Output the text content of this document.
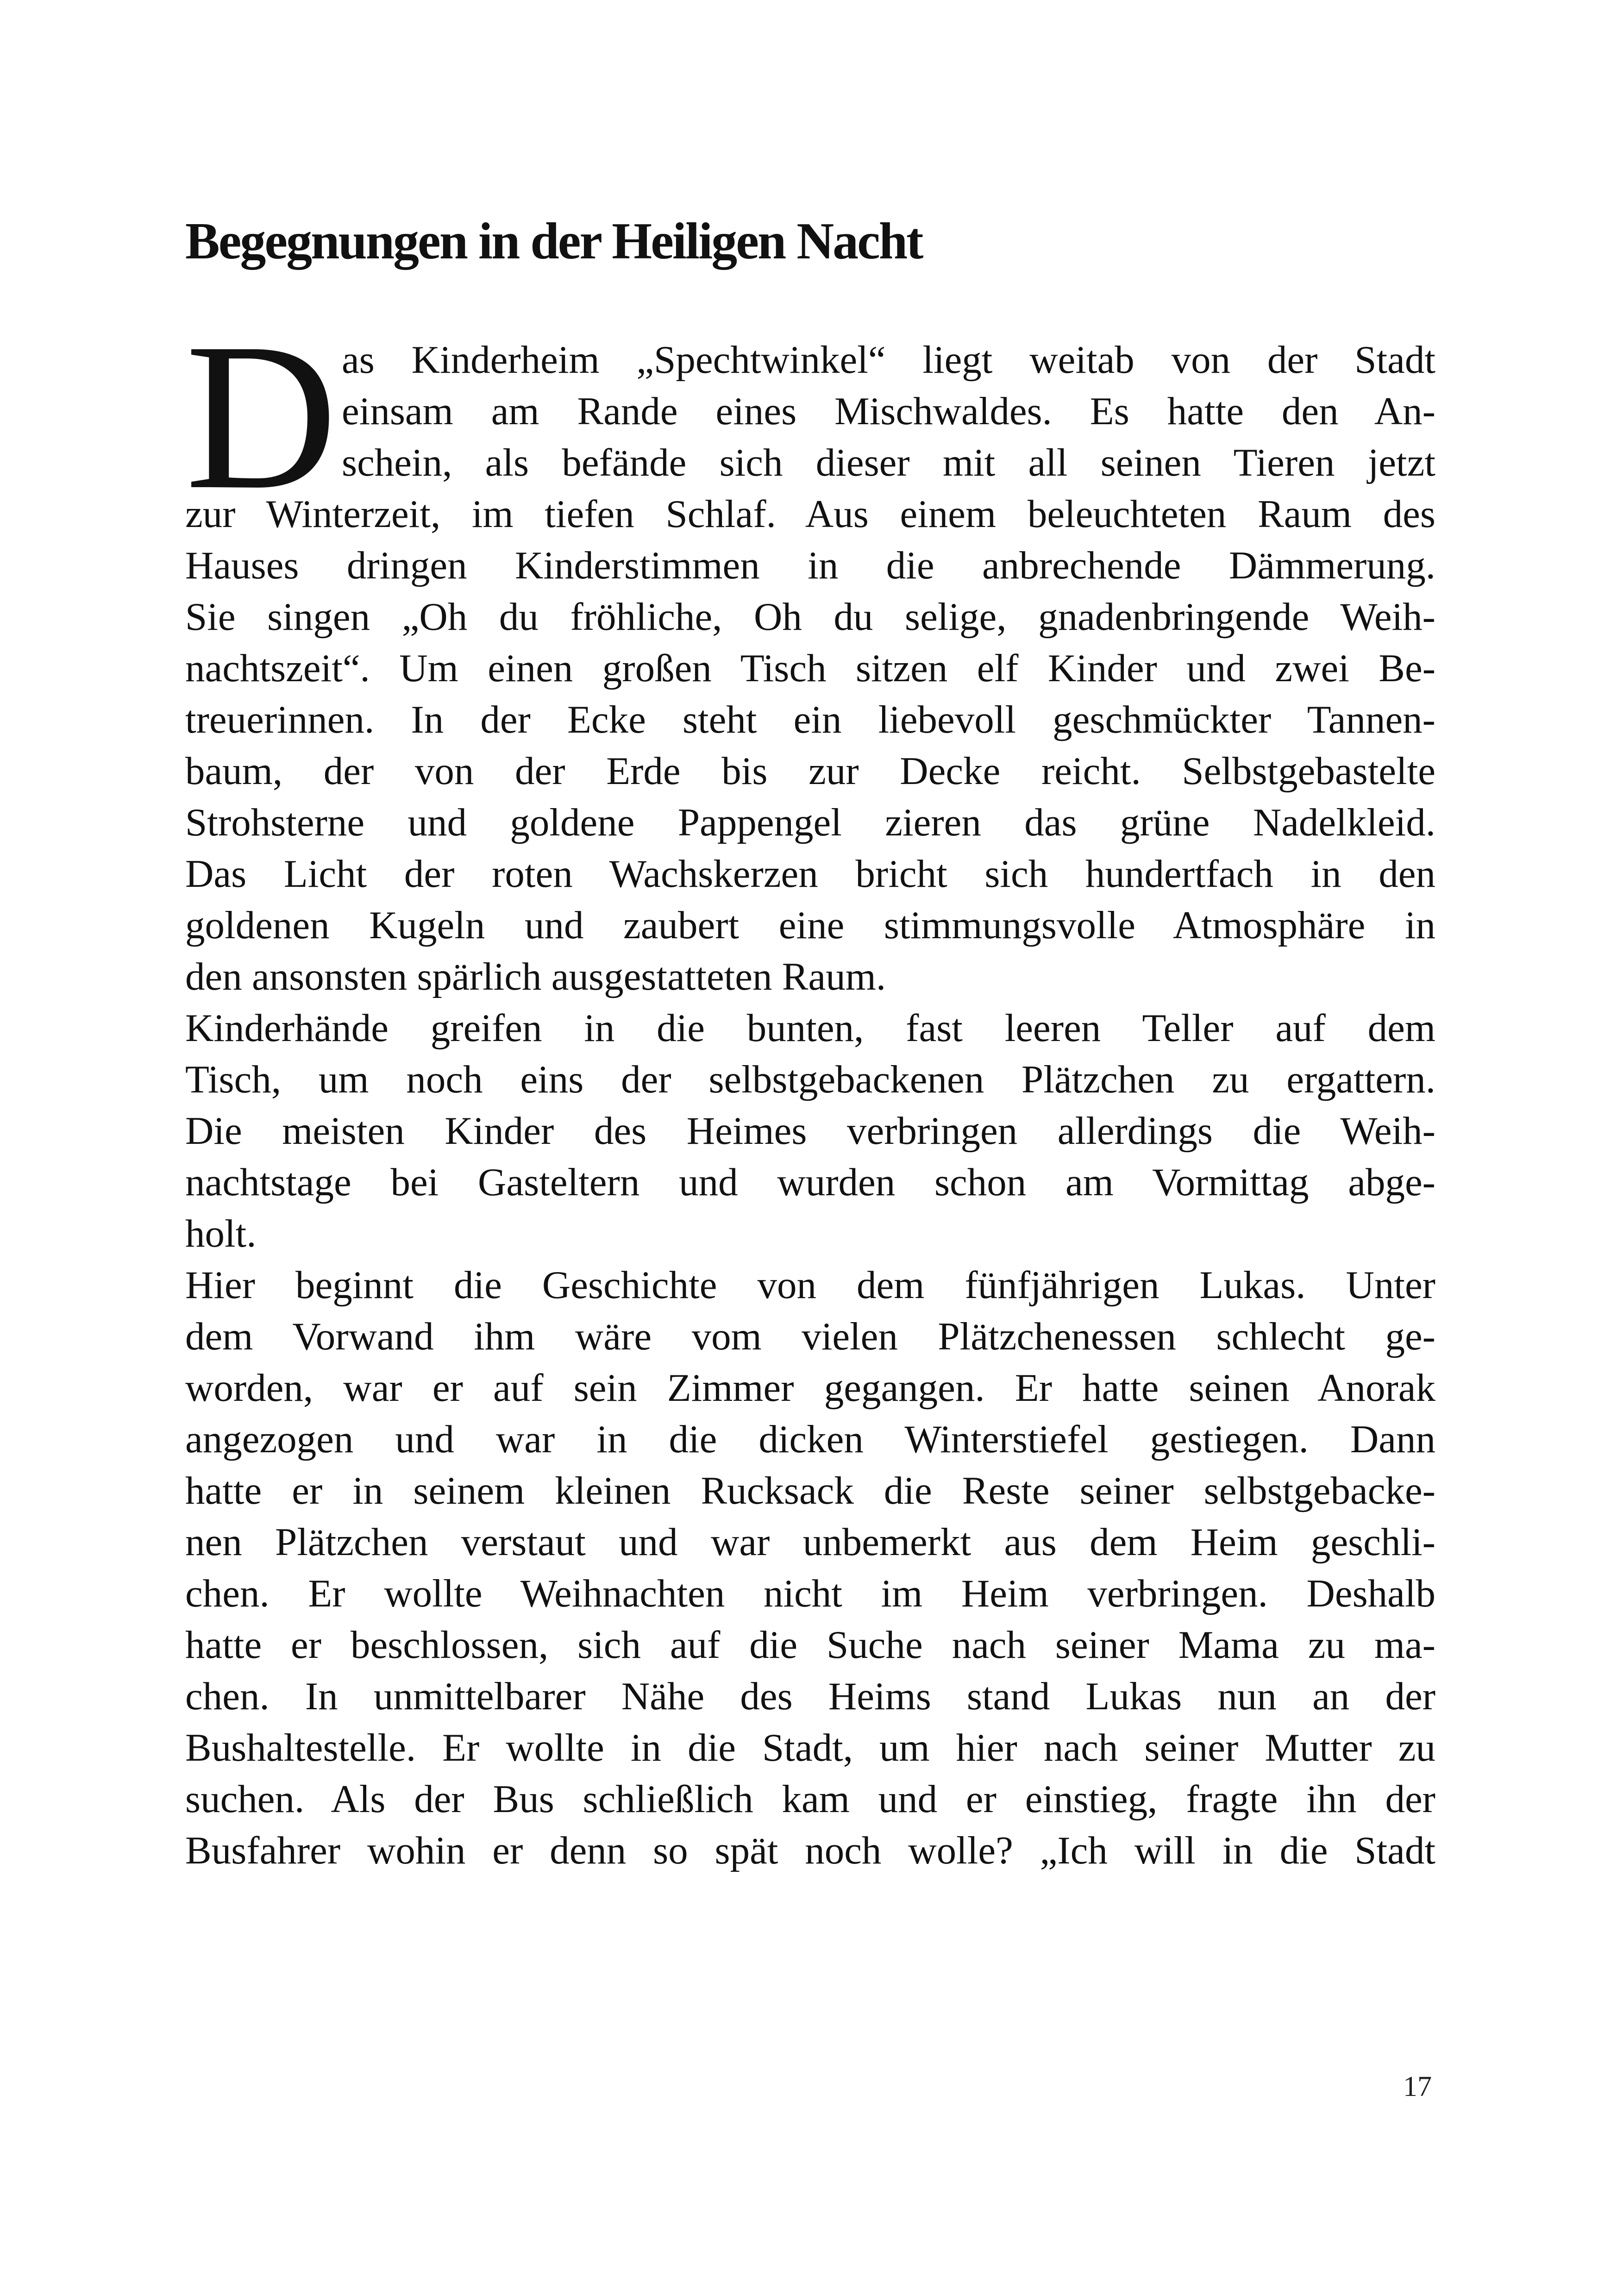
Begegnungen in der Heiligen Nacht
D as Kinderheim „Spechtwinkel“ liegt weitab von der Stadt
einsam am Rande eines Mischwaldes. Es hatte den An-
schein, als befände sich dieser mit all seinen Tieren jetzt
zur Winterzeit, im tiefen Schlaf. Aus einem beleuchteten Raum des
Hauses dringen Kinderstimmen in die anbrechende Dämmerung.
Sie singen „Oh du fröhliche, Oh du selige, gnadenbringende Weih-
nachtszeit“. Um einen großen Tisch sitzen elf Kinder und zwei Be-
treuerinnen. In der Ecke steht ein liebevoll geschmückter Tannen-
baum, der von der Erde bis zur Decke reicht. Selbstgebastelte
Strohsterne und goldene Pappengel zieren das grüne Nadelkleid.
Das Licht der roten Wachskerzen bricht sich hundertfach in den
goldenen Kugeln und zaubert eine stimmungsvolle Atmosphäre in
den ansonsten spärlich ausgestatteten Raum.
Kinderhände greifen in die bunten, fast leeren Teller auf dem
Tisch, um noch eins der selbstgebackenen Plätzchen zu ergattern.
Die meisten Kinder des Heimes verbringen allerdings die Weih-
nachtstage bei Gasteltern und wurden schon am Vormittag abge-
holt.
Hier beginnt die Geschichte von dem fünfjährigen Lukas. Unter
dem Vorwand ihm wäre vom vielen Plätzchenessen schlecht ge-
worden, war er auf sein Zimmer gegangen. Er hatte seinen Anorak
angezogen und war in die dicken Winterstiefel gestiegen. Dann
hatte er in seinem kleinen Rucksack die Reste seiner selbstgebacke-
nen Plätzchen verstaut und war unbemerkt aus dem Heim geschli-
chen. Er wollte Weihnachten nicht im Heim verbringen. Deshalb
hatte er beschlossen, sich auf die Suche nach seiner Mama zu ma-
chen. In unmittelbarer Nähe des Heims stand Lukas nun an der
Bushaltestelle. Er wollte in die Stadt, um hier nach seiner Mutter zu
suchen. Als der Bus schließlich kam und er einstieg, fragte ihn der
Busfahrer wohin er denn so spät noch wolle? „Ich will in die Stadt
17
